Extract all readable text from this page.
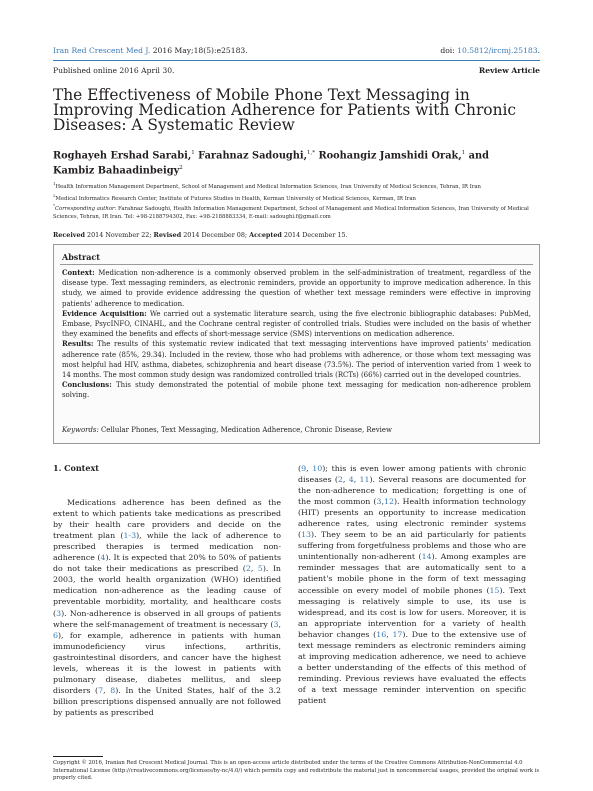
Iran Red Crescent Med J. 2016 May;18(5):e25183.	doi: 10.5812/ircmj.25183.
Published online 2016 April 30.	Review Article
The Effectiveness of Mobile Phone Text Messaging in Improving Medication Adherence for Patients with Chronic Diseases: A Systematic Review
Roghayeh Ershad Sarabi,$^1$ Farahnaz Sadoughi,$^{1,*}$ Roohangiz Jamshidi Orak,$^1$ and Kambiz Bahaadinbeigy$^2$
$^1$Health Information Management Department, School of Management and Medical Information Sciences, Iran University of Medical Sciences, Tehran, IR Iran
$^2$Medical Informatics Research Center, Institute of Futures Studies in Health, Kerman University of Medical Sciences, Kerman, IR Iran
*Corresponding author: Farahnaz Sadoughi, Health Information Management Department, School of Management and Medical Information Sciences, Iran University of Medical Sciences, Tehran, IR Iran. Tel: +98-2188794302, Fax: +98-2188883334, E-mail: sadoughi.f@gmail.com
Received 2014 November 22; Revised 2014 December 08; Accepted 2014 December 15.
Abstract

Context: Medication non-adherence is a commonly observed problem in the self-administration of treatment, regardless of the disease type. Text messaging reminders, as electronic reminders, provide an opportunity to improve medication adherence. In this study, we aimed to provide evidence addressing the question of whether text message reminders were effective in improving patients' adherence to medication.

Evidence Acquisition: We carried out a systematic literature search, using the five electronic bibliographic databases: PubMed, Embase, PsycINFO, CINAHL, and the Cochrane central register of controlled trials. Studies were included on the basis of whether they examined the benefits and effects of short-message service (SMS) interventions on medication adherence.

Results: The results of this systematic review indicated that text messaging interventions have improved patients' medication adherence rate (85%, 29.34). Included in the review, those who had problems with adherence, or those whom text messaging was most helpful had HIV, asthma, diabetes, schizophrenia and heart disease (73.5%). The period of intervention varied from 1 week to 14 months. The most common study design was randomized controlled trials (RCTs) (66%) carried out in the developed countries.

Conclusions: This study demonstrated the potential of mobile phone text messaging for medication non-adherence problem solving.

Keywords: Cellular Phones, Text Messaging, Medication Adherence, Chronic Disease, Review
1. Context

Medications adherence has been defined as the extent to which patients take medications as prescribed by their health care providers and decide on the treatment plan (1-3), while the lack of adherence to prescribed therapies is termed medication non-adherence (4). It is expected that 20% to 50% of patients do not take their medications as prescribed (2, 5). In 2003, the world health organization (WHO) identified medication non-adherence as the leading cause of preventable morbidity, mortality, and healthcare costs (3). Non-adherence is observed in all groups of patients where the self-management of treatment is necessary (3, 6), for example, adherence in patients with human immunodeficiency virus infections, arthritis, gastrointestinal disorders, and cancer have the highest levels, whereas it is the lowest in patients with pulmonary disease, diabetes mellitus, and sleep disorders (7, 8). In the United States, half of the 3.2 billion prescriptions dispensed annually are not followed by patients as prescribed

(9, 10); this is even lower among patients with chronic diseases (2, 4, 11). Several reasons are documented for the non-adherence to medication; forgetting is one of the most common (3,12). Health information technology (HIT) presents an opportunity to increase medication adherence rates, using electronic reminder systems (13). They seem to be an aid particularly for patients suffering from forgetfulness problems and those who are unintentionally non-adherent (14). Among examples are reminder messages that are automatically sent to a patient's mobile phone in the form of text messaging accessible on every model of mobile phones (15). Text messaging is relatively simple to use, its use is widespread, and its cost is low for users. Moreover, it is an appropriate intervention for a variety of health behavior changes (16, 17). Due to the extensive use of text message reminders as electronic reminders aiming at improving medication adherence, we need to achieve a better understanding of the effects of this method of reminding. Previous reviews have evaluated the effects of a text message reminder intervention on specific patient

Copyright © 2016, Iranian Red Crescent Medical Journal. This is an open-access article distributed under the terms of the Creative Commons Attribution-NonCommercial 4.0 International License (http://creativecommons.org/licenses/by-nc/4.0/) which permits copy and redistribute the material just in noncommercial usages, provided the original work is properly cited.
